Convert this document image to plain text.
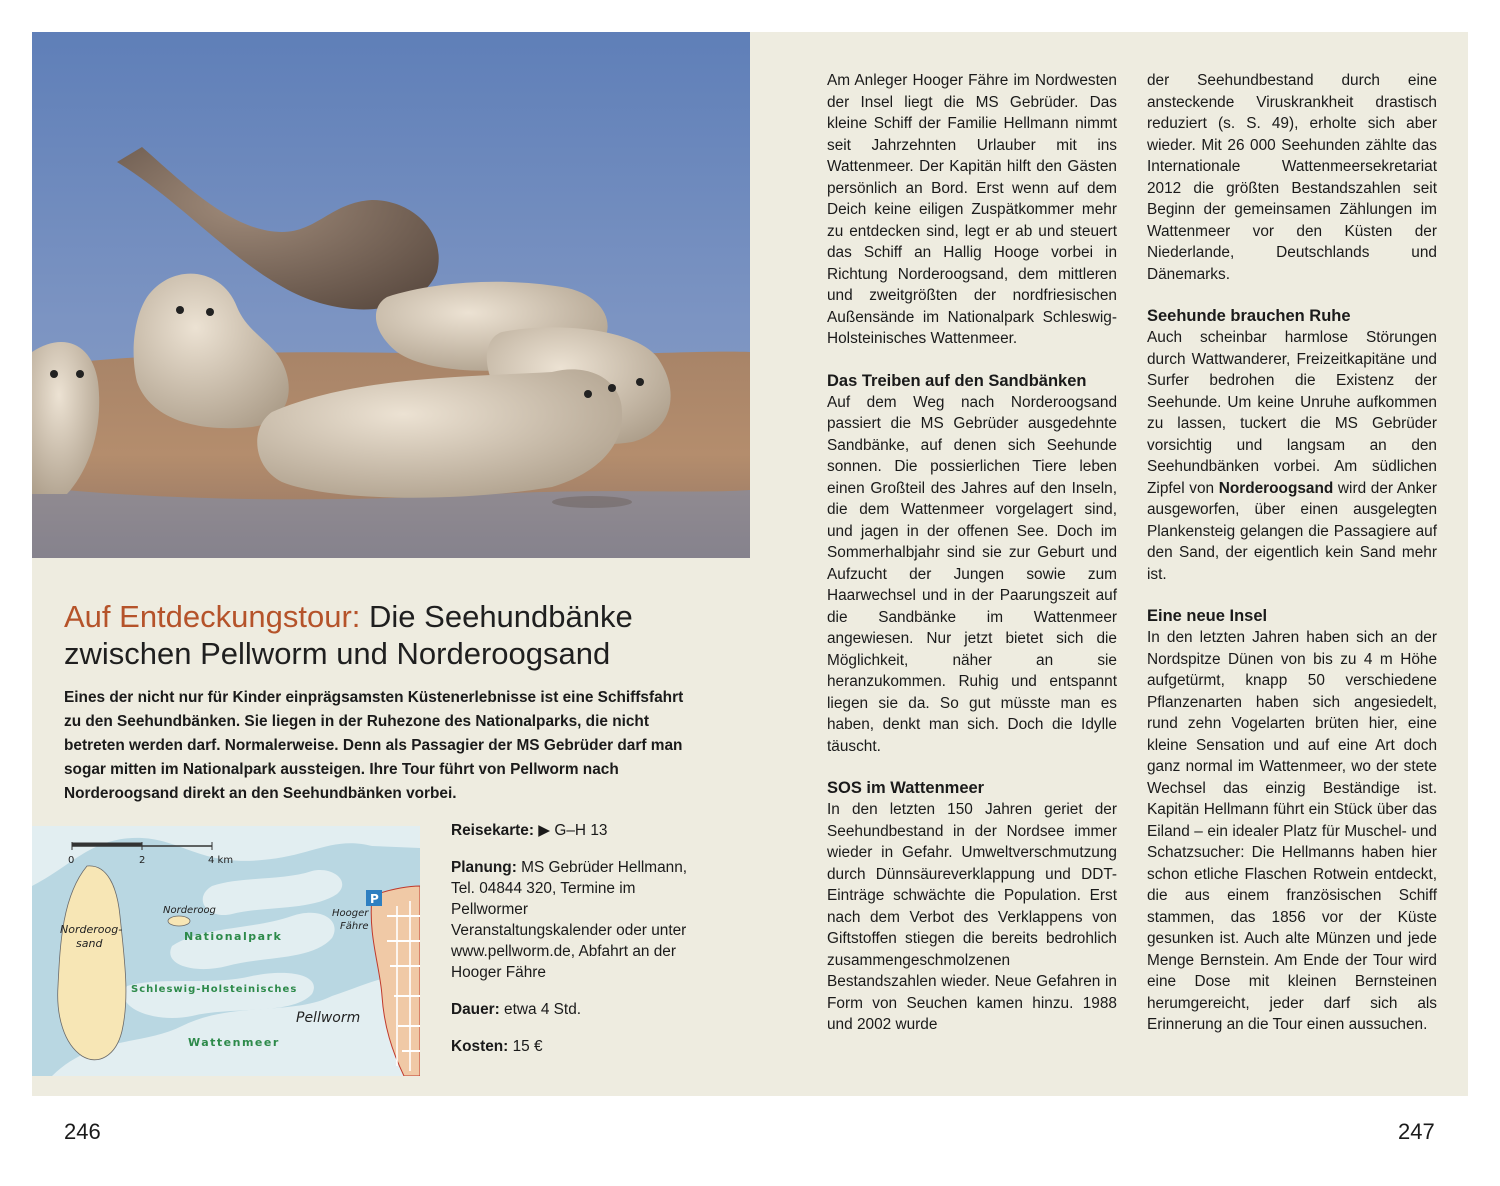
Auf Entdeckungstour: Die Seehundbänke
zwischen Pellworm und Norderoogsand
Eines der nicht nur für Kinder einprägsamsten Küstenerlebnisse ist eine Schiffsfahrt zu den Seehundbänken. Sie liegen in der Ruhezone des Nationalparks, die nicht betreten werden darf. Normalerweise. Denn als Passagier der MS Gebrüder darf man sogar mitten im Nationalpark aussteigen. Ihre Tour führt von Pellworm nach Norderoogsand direkt an den Seehundbänken vorbei.
0	2	4 km
Norderoog-
sand
Norderoog
Nationalpark
Schleswig-Holsteinisches
Wattenmeer
Pellworm
Hooger
Fähre
P

Reisekarte: ▶ G–H 13

Planung: MS Gebrüder Hellmann, Tel. 04844 320, Termine im Pellwormer Veranstaltungskalender oder unter www.pellworm.de, Abfahrt an der Hooger Fähre

Dauer: etwa 4 Std.

Kosten: 15 €

Am Anleger Hooger Fähre im Nordwesten der Insel liegt die MS Gebrüder. Das kleine Schiff der Familie Hellmann nimmt seit Jahrzehnten Urlauber mit ins Wattenmeer. Der Kapitän hilft den Gästen persönlich an Bord. Erst wenn auf dem Deich keine eiligen Zuspätkommer mehr zu entdecken sind, legt er ab und steuert das Schiff an Hallig Hooge vorbei in Richtung Norderoogsand, dem mittleren und zweitgrößten der nordfriesischen Außensände im Nationalpark Schleswig-Holsteinisches Wattenmeer.

Das Treiben auf den Sandbänken

Auf dem Weg nach Norderoogsand passiert die MS Gebrüder ausgedehnte Sandbänke, auf denen sich Seehunde sonnen. Die possierlichen Tiere leben einen Großteil des Jahres auf den Inseln, die dem Wattenmeer vorgelagert sind, und jagen in der offenen See. Doch im Sommerhalbjahr sind sie zur Geburt und Aufzucht der Jungen sowie zum Haarwechsel und in der Paarungszeit auf die Sandbänke im Wattenmeer angewiesen. Nur jetzt bietet sich die Möglichkeit, näher an sie heranzukommen. Ruhig und entspannt liegen sie da. So gut müsste man es haben, denkt man sich. Doch die Idylle täuscht.

SOS im Wattenmeer

In den letzten 150 Jahren geriet der Seehundbestand in der Nordsee immer wieder in Gefahr. Umweltverschmutzung durch Dünnsäureverklappung und DDT-Einträge schwächte die Population. Erst nach dem Verbot des Verklappens von Giftstoffen stiegen die bereits bedrohlich zusammengeschmolzenen Bestandszahlen wieder. Neue Gefahren in Form von Seuchen kamen hinzu. 1988 und 2002 wurde

der Seehundbestand durch eine ansteckende Viruskrankheit drastisch reduziert (s. S. 49), erholte sich aber wieder. Mit 26 000 Seehunden zählte das Internationale Wattenmeersekretariat 2012 die größten Bestandszahlen seit Beginn der gemeinsamen Zählungen im Wattenmeer vor den Küsten der Niederlande, Deutschlands und Dänemarks.

Seehunde brauchen Ruhe

Auch scheinbar harmlose Störungen durch Wattwanderer, Freizeitkapitäne und Surfer bedrohen die Existenz der Seehunde. Um keine Unruhe aufkommen zu lassen, tuckert die MS Gebrüder vorsichtig und langsam an den Seehundbänken vorbei. Am südlichen Zipfel von Norderoogsand wird der Anker ausgeworfen, über einen ausgelegten Plankensteig gelangen die Passagiere auf den Sand, der eigentlich kein Sand mehr ist.

Eine neue Insel

In den letzten Jahren haben sich an der Nordspitze Dünen von bis zu 4 m Höhe aufgetürmt, knapp 50 verschiedene Pflanzenarten haben sich angesiedelt, rund zehn Vogelarten brüten hier, eine kleine Sensation und auf eine Art doch ganz normal im Wattenmeer, wo der stete Wechsel das einzig Beständige ist. Kapitän Hellmann führt ein Stück über das Eiland – ein idealer Platz für Muschel- und Schatzsucher: Die Hellmanns haben hier schon etliche Flaschen Rotwein entdeckt, die aus einem französischen Schiff stammen, das 1856 vor der Küste gesunken ist. Auch alte Münzen und jede Menge Bernstein. Am Ende der Tour wird eine Dose mit kleinen Bernsteinen herumgereicht, jeder darf sich als Erinnerung an die Tour einen aussuchen.

246	247
